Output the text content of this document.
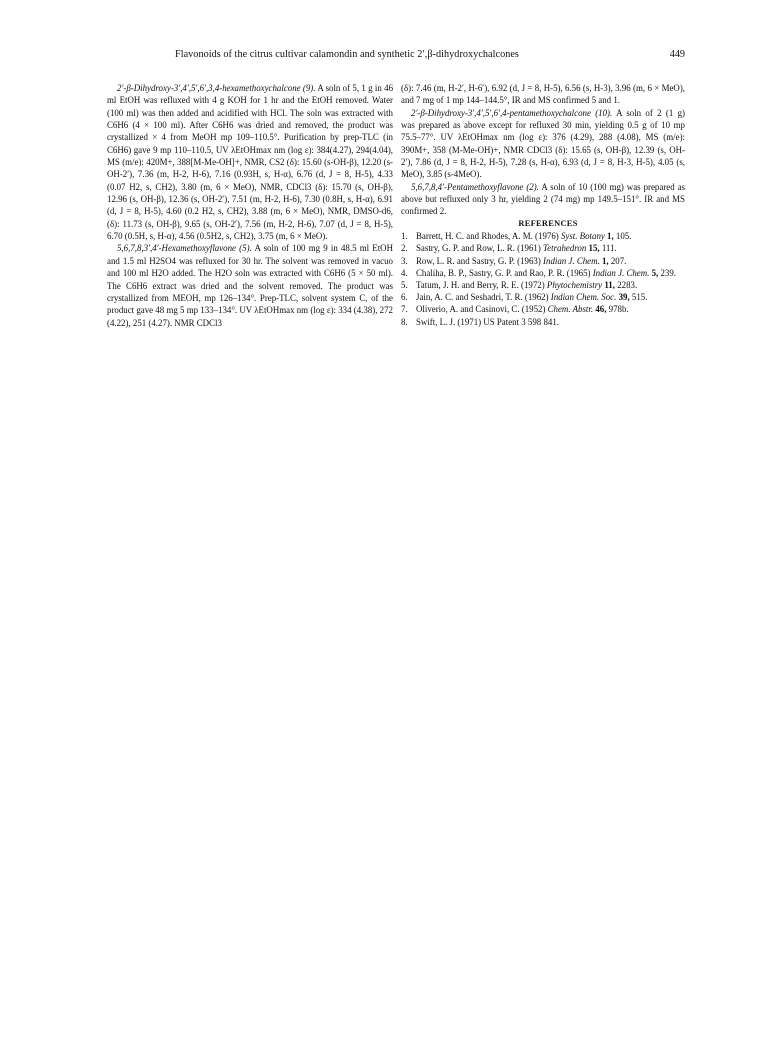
Flavonoids of the citrus cultivar calamondin and synthetic 2′,β-dihydroxychalcones	449

2′-β-Dihydroxy-3′,4′,5′,6′,3,4-hexamethoxychalcone (9). A soln of 5, 1 g in 46 ml EtOH was refluxed with 4 g KOH for 1 hr and the EtOH removed. Water (100 ml) was then added and acidified with HCl. The soln was extracted with C6H6 (4 × 100 ml). After C6H6 was dried and removed, the product was crystallized × 4 from MeOH mp 109–110.5°. Purification by prep-TLC (in C6H6) gave 9 mp 110–110.5, UV λEtOHmax nm (log ε): 384(4.27), 294(4.04), MS (m/e): 420M+, 388[M-Me-OH]+, NMR, CS2 (δ): 15.60 (s-OH-β), 12.20 (s-OH-2′), 7.36 (m, H-2, H-6), 7.16 (0.93H, s, H-α), 6.76 (d, J = 8, H-5), 4.33 (0.07 H2, s, CH2), 3.80 (m, 6 × MeO), NMR, CDCl3 (δ): 15.70 (s, OH-β), 12.96 (s, OH-β), 12.36 (s, OH-2′), 7.51 (m, H-2, H-6), 7.30 (0.8H, s, H-α), 6.91 (d, J = 8, H-5), 4.60 (0.2 H2, s, CH2), 3.88 (m, 6 × MeO), NMR, DMSO-d6, (δ): 11.73 (s, OH-β), 9.65 (s, OH-2′), 7.56 (m, H-2, H-6), 7.07 (d, J = 8, H-5), 6.70 (0.5H, s, H-α), 4.56 (0.5H2, s, CH2), 3.75 (m, 6 × MeO).

5,6,7,8,3′,4′-Hexamethoxyflavone (5). A soln of 100 mg 9 in 48.5 ml EtOH and 1.5 ml H2SO4 was refluxed for 30 hr. The solvent was removed in vacuo and 100 ml H2O added. The H2O soln was extracted with C6H6 (5 × 50 ml). The C6H6 extract was dried and the solvent removed. The product was crystallized from MEOH, mp 126–134°. Prep-TLC, solvent system C, of the product gave 48 mg 5 mp 133–134°. UV λEtOHmax nm (log ε): 334 (4.38), 272 (4.22), 251 (4.27). NMR CDCl3

(δ): 7.46 (m, H-2′, H-6′), 6.92 (d, J = 8, H-5), 6.56 (s, H-3), 3.96 (m, 6 × MeO), and 7 mg of 1 mp 144–144.5°, IR and MS confirmed 5 and 1.

2′-β-Dihydroxy-3′,4′,5′,6′,4-pentamethoxychalcone (10). A soln of 2 (1 g) was prepared as above except for refluxed 30 min, yielding 0.5 g of 10 mp 75.5–77°. UV λEtOHmax nm (log ε): 376 (4.29), 288 (4.08), MS (m/e): 390M+, 358 (M-Me-OH)+, NMR CDCl3 (δ): 15.65 (s, OH-β), 12.39 (s, OH-2′), 7.86 (d, J = 8, H-2, H-5), 7.28 (s, H-α), 6.93 (d, J = 8, H-3, H-5), 4.05 (s, MeO), 3.85 (s-4MeO).

5,6,7,8,4′-Pentamethoxyflavone (2). A soln of 10 (100 mg) was prepared as above but refluxed only 3 hr, yielding 2 (74 mg) mp 149.5–151°. IR and MS confirmed 2.

REFERENCES

1. Barrett, H. C. and Rhodes, A. M. (1976) Syst. Botany 1, 105.
2. Sastry, G. P. and Row, L. R. (1961) Tetrahedron 15, 111.
3. Row, L. R. and Sastry, G. P. (1963) Indian J. Chem. 1, 207.
4. Chaliha, B. P., Sastry, G. P. and Rao, P. R. (1965) Indian J. Chem. 5, 239.
5. Tatum, J. H. and Berry, R. E. (1972) Phytochemistry 11, 2283.
6. Jain, A. C. and Seshadri, T. R. (1962) Indian Chem. Soc. 39, 515.
7. Oliverio, A. and Casinovi, C. (1952) Chem. Abstr. 46, 978b.
8. Swift, L. J. (1971) US Patent 3 598 841.
